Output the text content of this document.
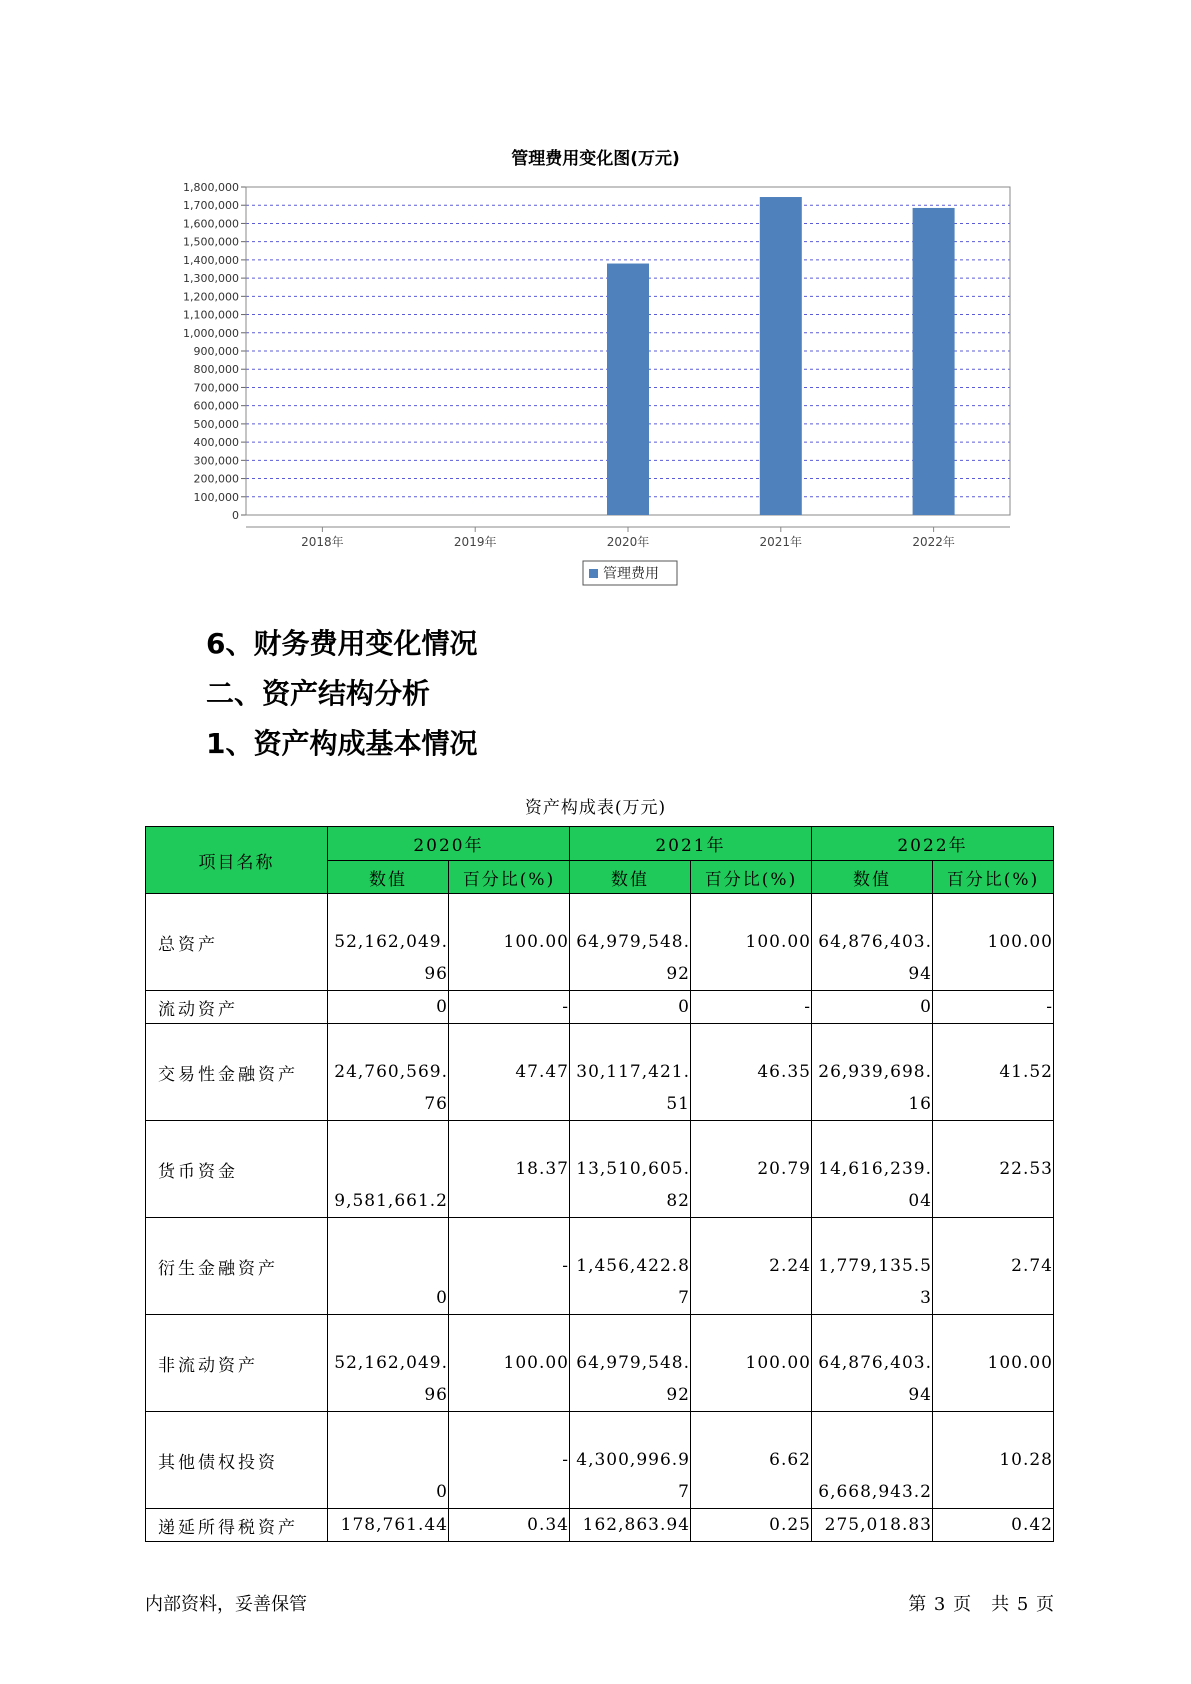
管理费用变化图(万元)
0
100,000
200,000
300,000
400,000
500,000
600,000
700,000
800,000
900,000
1,000,000
1,100,000
1,200,000
1,300,000
1,400,000
1,500,000
1,600,000
1,700,000
1,800,000
2018年	2019年	2020年	2021年	2022年
管理费用
6、财务费用变化情况
二、资产结构分析
1、资产构成基本情况
资产构成表(万元)
项目名称	2020年		2021年		2022年	
	数值	百分比(%)	数值	百分比(%)	数值	百分比(%)
总资产	52,162,049.96	100.00	64,979,548.92	100.00	64,876,403.94	100.00
流动资产	0	-	0	-	0	-
交易性金融资产	24,760,569.76	47.47	30,117,421.51	46.35	26,939,698.16	41.52
货币资金	9,581,661.2	18.37	13,510,605.82	20.79	14,616,239.04	22.53
衍生金融资产	0	-	1,456,422.87	2.24	1,779,135.53	2.74
非流动资产	52,162,049.96	100.00	64,979,548.92	100.00	64,876,403.94	100.00
其他债权投资	0	-	4,300,996.97	6.62	6,668,943.2	10.28
递延所得税资产	178,761.44	0.34	162,863.94	0.25	275,018.83	0.42
内部资料，妥善保管	第 3 页　共 5 页
